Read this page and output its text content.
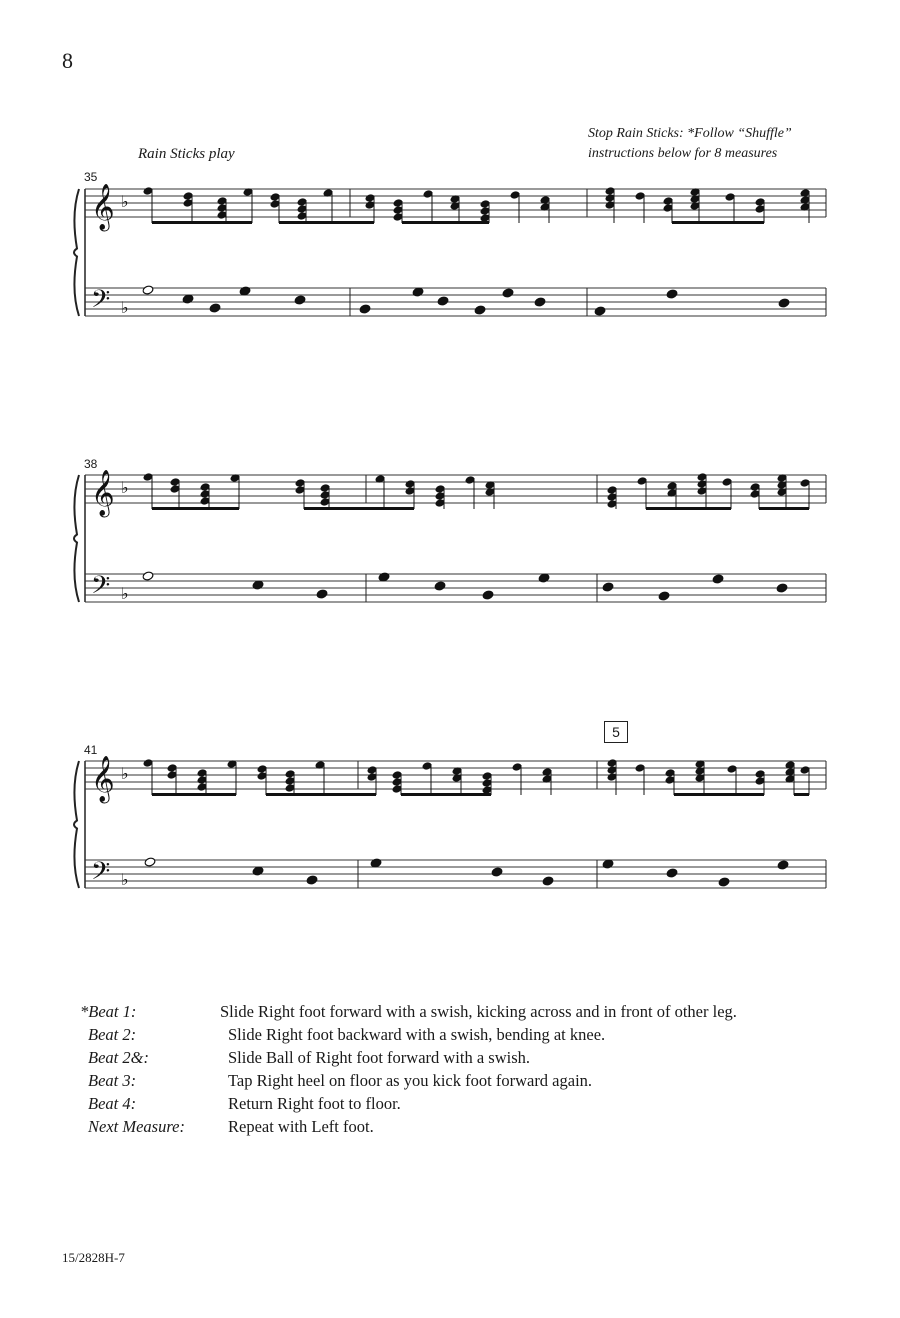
8
Rain Sticks play
Stop Rain Sticks: *Follow “Shuffle”
instructions below for 8 measures
35
38
41
5
𝄞
𝄢
♭
♭
𝄞
𝄢
♭
♭
𝄞
𝄢
♭
♭
*Beat 1:	Slide Right foot forward with a swish, kicking across and in front of other leg.
Beat 2:	Slide Right foot backward with a swish, bending at knee.
Beat 2&:	Slide Ball of Right foot forward with a swish.
Beat 3:	Tap Right heel on floor as you kick foot forward again.
Beat 4:	Return Right foot to floor.
Next Measure:	Repeat with Left foot.
15/2828H-7
